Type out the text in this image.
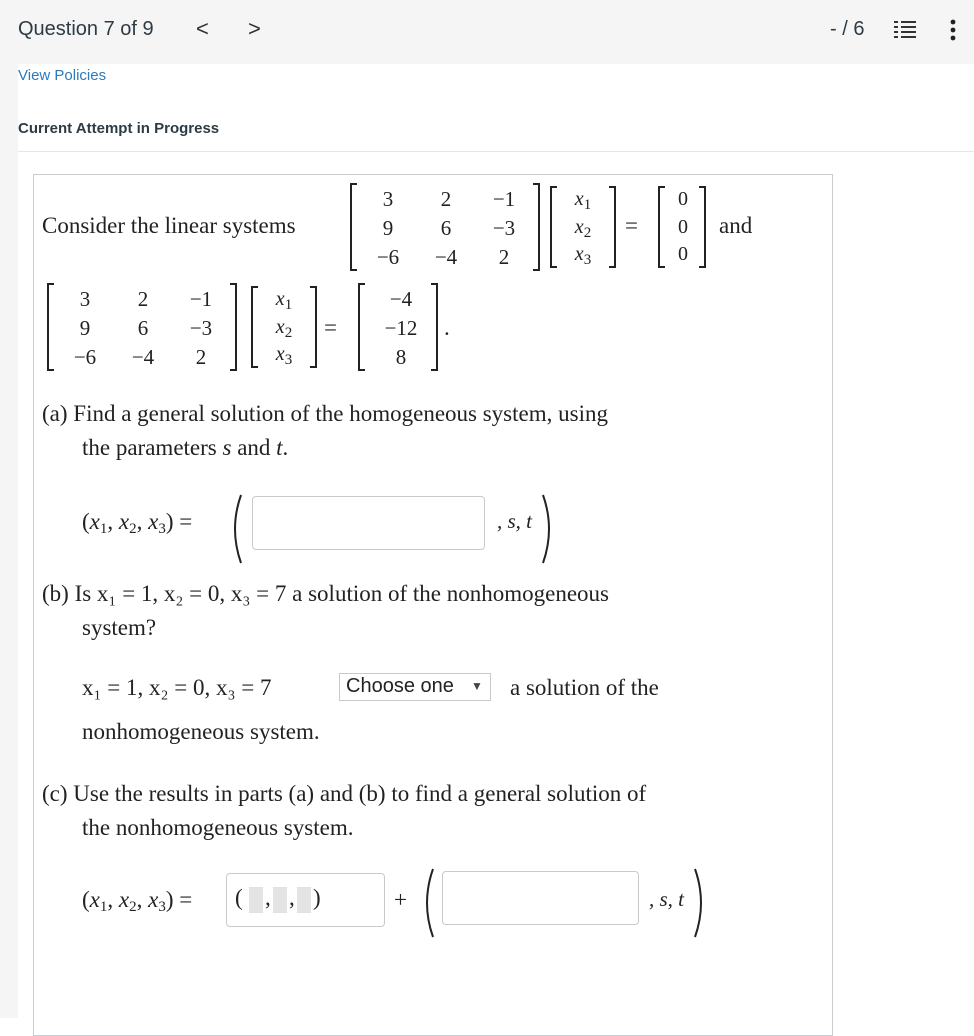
Question 7 of 9 < >	- / 6
View Policies
Current Attempt in Progress
Consider the linear systems
3	2	−1
9	6	−3
−6	−4	2
$x_1$
$x_2$
$x_3$
=
0
0
0
and
3	2	−1
9	6	−3
−6	−4	2
$x_1$
$x_2$
$x_3$
=
−4
−12
8
.
(a) Find a general solution of the homogeneous system, using
the parameters s and t.
(x1, x2, x3) =	, s, t
(b) Is x₁ = 1, x₂ = 0, x₃ = 7 a solution of the nonhomogeneous
system?
x₁ = 1, x₂ = 0, x₃ = 7	Choose one ▼ a solution of the
nonhomogeneous system.
(c) Use the results in parts (a) and (b) to find a general solution of
the nonhomogeneous system.
(x1, x2, x3) = ( , , )	+	, s, t
